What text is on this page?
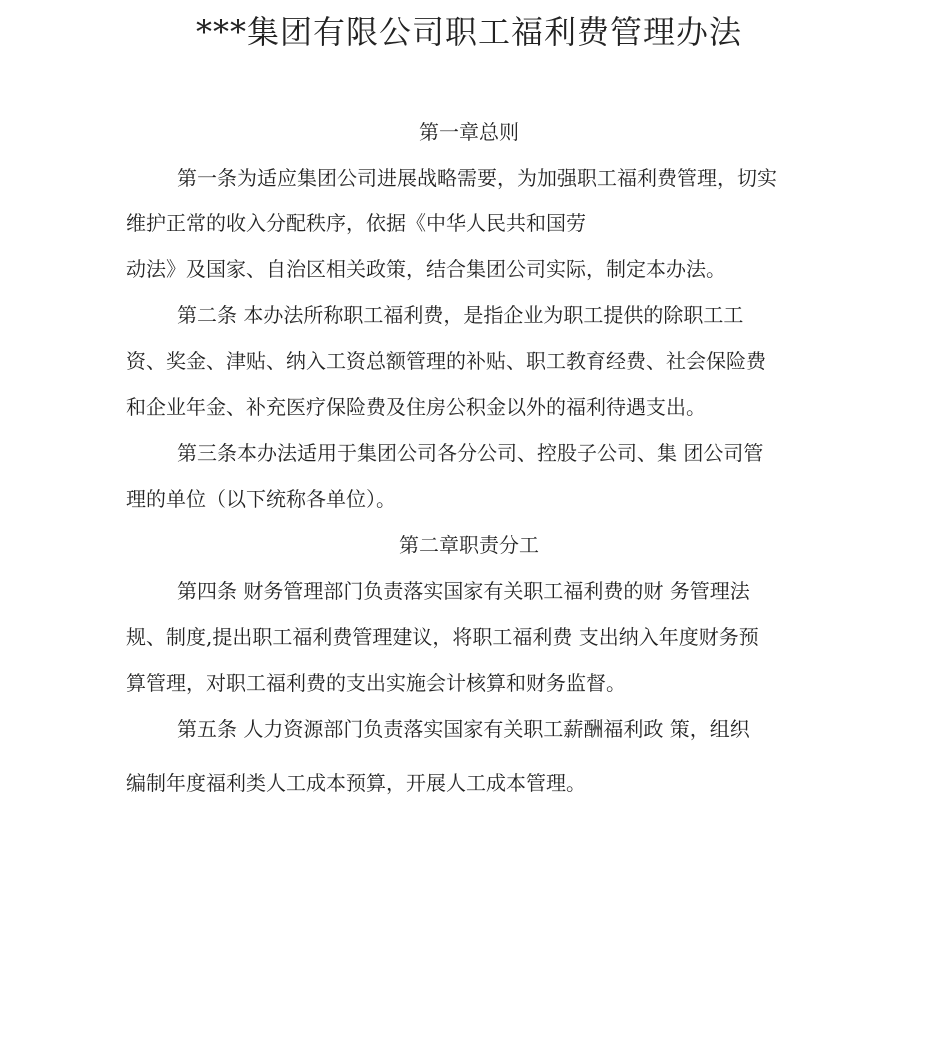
***集团有限公司职工福利费管理办法
第一章总则

第一条为适应集团公司进展战略需要，为加强职工福利费管理，切实

维护正常的收入分配秩序，依据《中华人民共和国劳

动法》及国家、自治区相关政策，结合集团公司实际，制定本办法。

第二条 本办法所称职工福利费，是指企业为职工提供的除职工工

资、奖金、津贴、纳入工资总额管理的补贴、职工教育经费、社会保险费

和企业年金、补充医疗保险费及住房公积金以外的福利待遇支出。

第三条本办法适用于集团公司各分公司、控股子公司、集 团公司管

理的单位（以下统称各单位）。

第二章职责分工

第四条 财务管理部门负责落实国家有关职工福利费的财 务管理法

规、制度,提出职工福利费管理建议，将职工福利费 支出纳入年度财务预

算管理，对职工福利费的支出实施会计核算和财务监督。

第五条 人力资源部门负责落实国家有关职工薪酬福利政 策，组织

编制年度福利类人工成本预算，开展人工成本管理。
